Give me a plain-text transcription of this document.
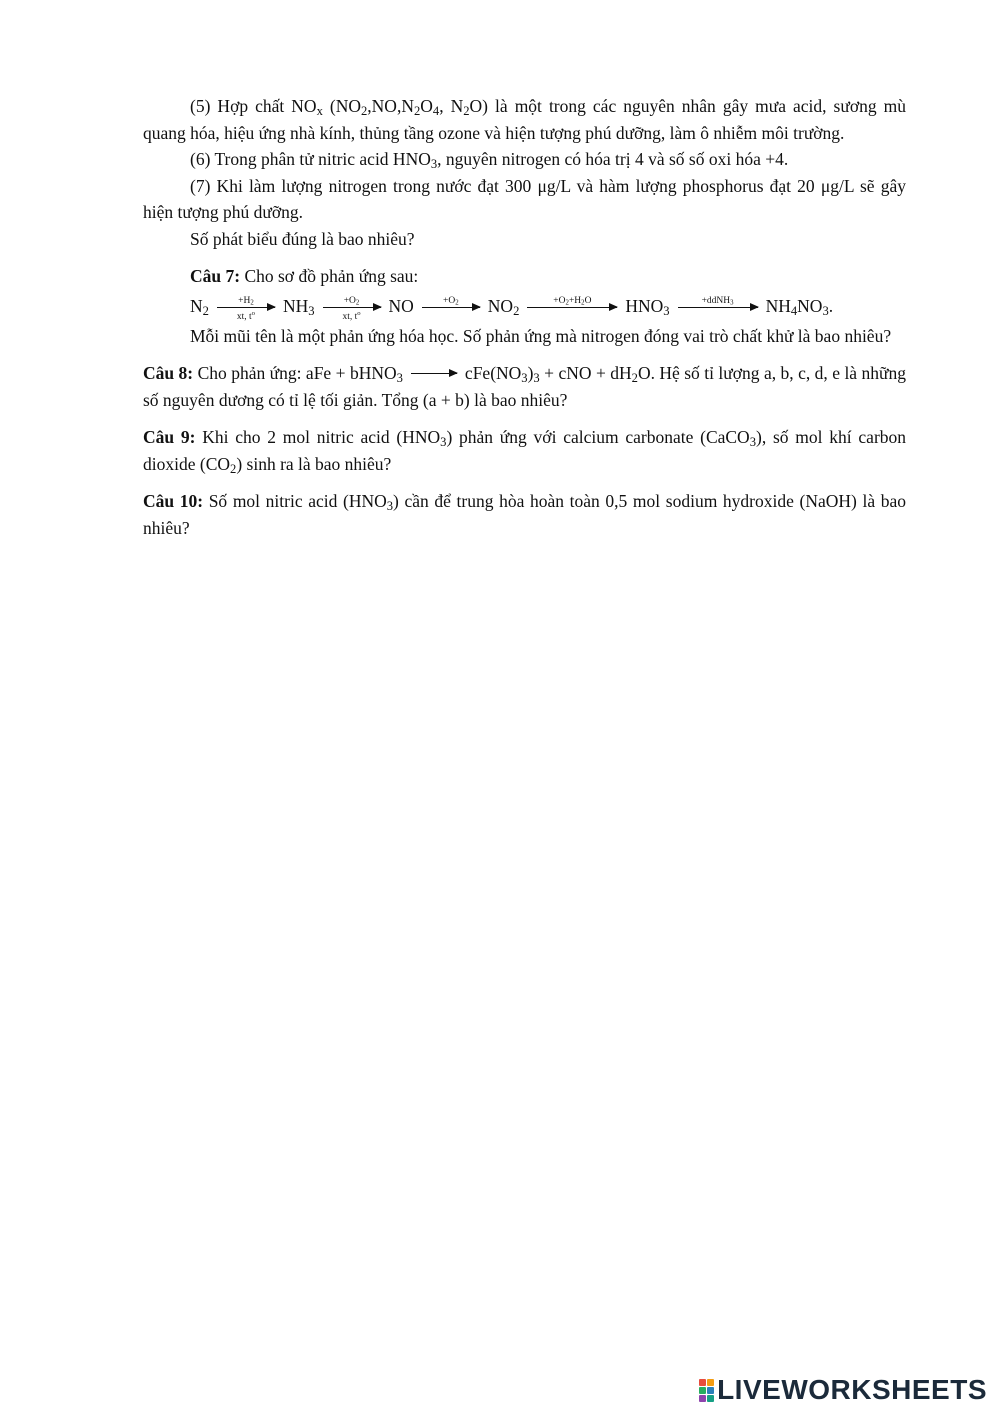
(5) Hợp chất $NO_x$ ($NO_2,NO,N_2O_4$, $N_2O$) là một trong các nguyên nhân gây mưa acid, sương mù quang hóa, hiệu ứng nhà kính, thủng tầng ozone và hiện tượng phú dưỡng, làm ô nhiễm môi trường.

(6) Trong phân tử nitric acid $HNO_3$, nguyên nitrogen có hóa trị 4 và số số oxi hóa +4.

(7) Khi làm lượng nitrogen trong nước đạt 300 μg/L và hàm lượng phosphorus đạt 20 μg/L sẽ gây hiện tượng phú dưỡng.

Số phát biểu đúng là bao nhiêu?

Câu 7: Cho sơ đồ phản ứng sau:

$N_2$
$+H_2$
xt, $t^o$ $NH_3$
$+O_2$
xt, $t^o$ NO	$+O_2$ $NO_2$
$+O_2+H_2O$ $HNO_3$
+ddNH$_3$ $NH_4NO_3$.

Mỗi mũi tên là một phản ứng hóa học. Số phản ứng mà nitrogen đóng vai trò chất khử là bao nhiêu?

Câu 8: Cho phản ứng: aFe + bHNO$_3$ → $cFe(NO_3)_3$ + cNO + $dH_2O$. Hệ số tỉ lượng a, b, c, d, e là những số nguyên dương có tỉ lệ tối giản. Tổng (a + b) là bao nhiêu?

Câu 9: Khi cho 2 mol nitric acid $(HNO_3)$ phản ứng với calcium carbonate (CaCO$_3$), số mol khí carbon dioxide $(CO_2)$ sinh ra là bao nhiêu?

Câu 10: Số mol nitric acid $(HNO_3)$ cần để trung hòa hoàn toàn 0,5 mol sodium hydroxide (NaOH) là bao nhiêu?

LIVEWORKSHEETS
